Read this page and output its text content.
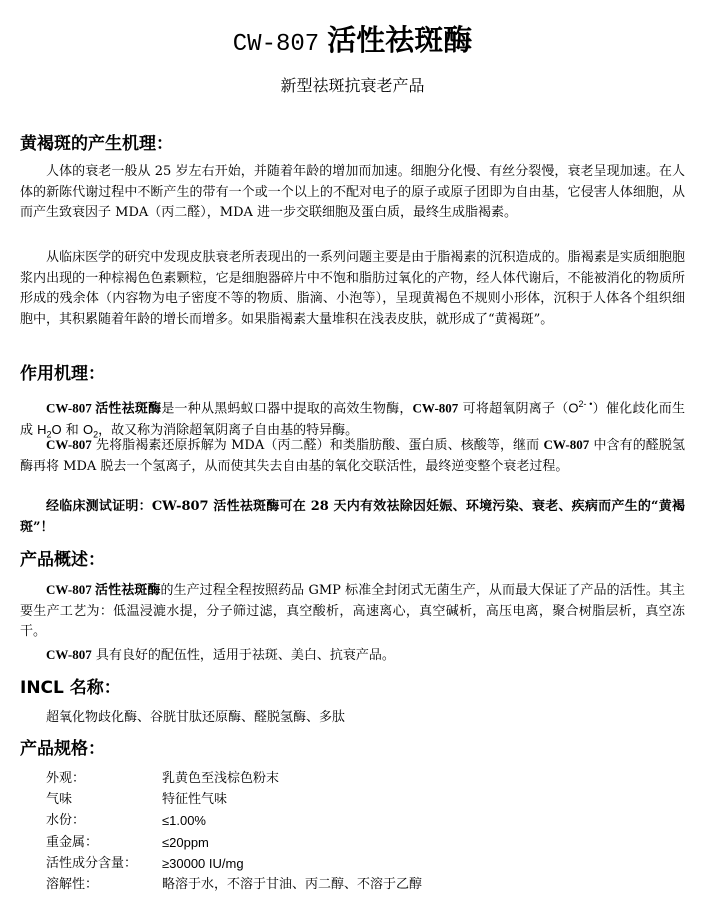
CW-807 活性祛斑酶
新型祛斑抗衰老产品
黄褐斑的产生机理：
人体的衰老一般从 25 岁左右开始，并随着年龄的增加而加速。细胞分化慢、有丝分裂慢，衰老呈现加速。在人体的新陈代谢过程中不断产生的带有一个或一个以上的不配对电子的原子或原子团即为自由基，它侵害人体细胞，从而产生致衰因子 MDA（丙二醛），MDA 进一步交联细胞及蛋白质，最终生成脂褐素。
从临床医学的研究中发现皮肤衰老所表现出的一系列问题主要是由于脂褐素的沉积造成的。脂褐素是实质细胞胞浆内出现的一种棕褐色色素颗粒，它是细胞器碎片中不饱和脂肪过氧化的产物，经人体代谢后，不能被消化的物质所形成的残余体（内容物为电子密度不等的物质、脂滴、小泡等），呈现黄褐色不规则小形体，沉积于人体各个组织细胞中，其积累随着年龄的增长而增多。如果脂褐素大量堆积在浅表皮肤，就形成了“黄褐斑”。
作用机理：
CW-807 活性祛斑酶是一种从黑蚂蚁口器中提取的高效生物酶，CW-807 可将超氧阴离子$(O^{2- •})$催化歧化而生成 $H_2O$ 和 $O_2$，故又称为消除超氧阴离子自由基的特异酶。
CW-807 先将脂褐素还原拆解为 MDA（丙二醛）和类脂肪酸、蛋白质、核酸等，继而 CW-807 中含有的醛脱氢酶再将 MDA 脱去一个氢离子，从而使其失去自由基的氧化交联活性，最终逆变整个衰老过程。
经临床测试证明：CW-807 活性祛斑酶可在 28 天内有效祛除因妊娠、环境污染、衰老、疾病而产生的“黄褐斑”！
产品概述：
CW-807 活性祛斑酶的生产过程全程按照药品 GMP 标准全封闭式无菌生产，从而最大保证了产品的活性。其主要生产工艺为：低温浸漉水提，分子筛过滤，真空酸析，高速离心，真空碱析，高压电离，聚合树脂层析，真空冻干。
CW-807 具有良好的配伍性，适用于祛斑、美白、抗衰产品。
INCL 名称：
超氧化物歧化酶、谷胱甘肽还原酶、醛脱氢酶、多肽
产品规格：
外观：	乳黄色至浅棕色粉末
气味	特征性气味
水份：	≤1.00%
重金属：	≤20ppm
活性成分含量：	≥30000 IU/mg
溶解性：	略溶于水，不溶于甘油、丙二醇、不溶于乙醇
